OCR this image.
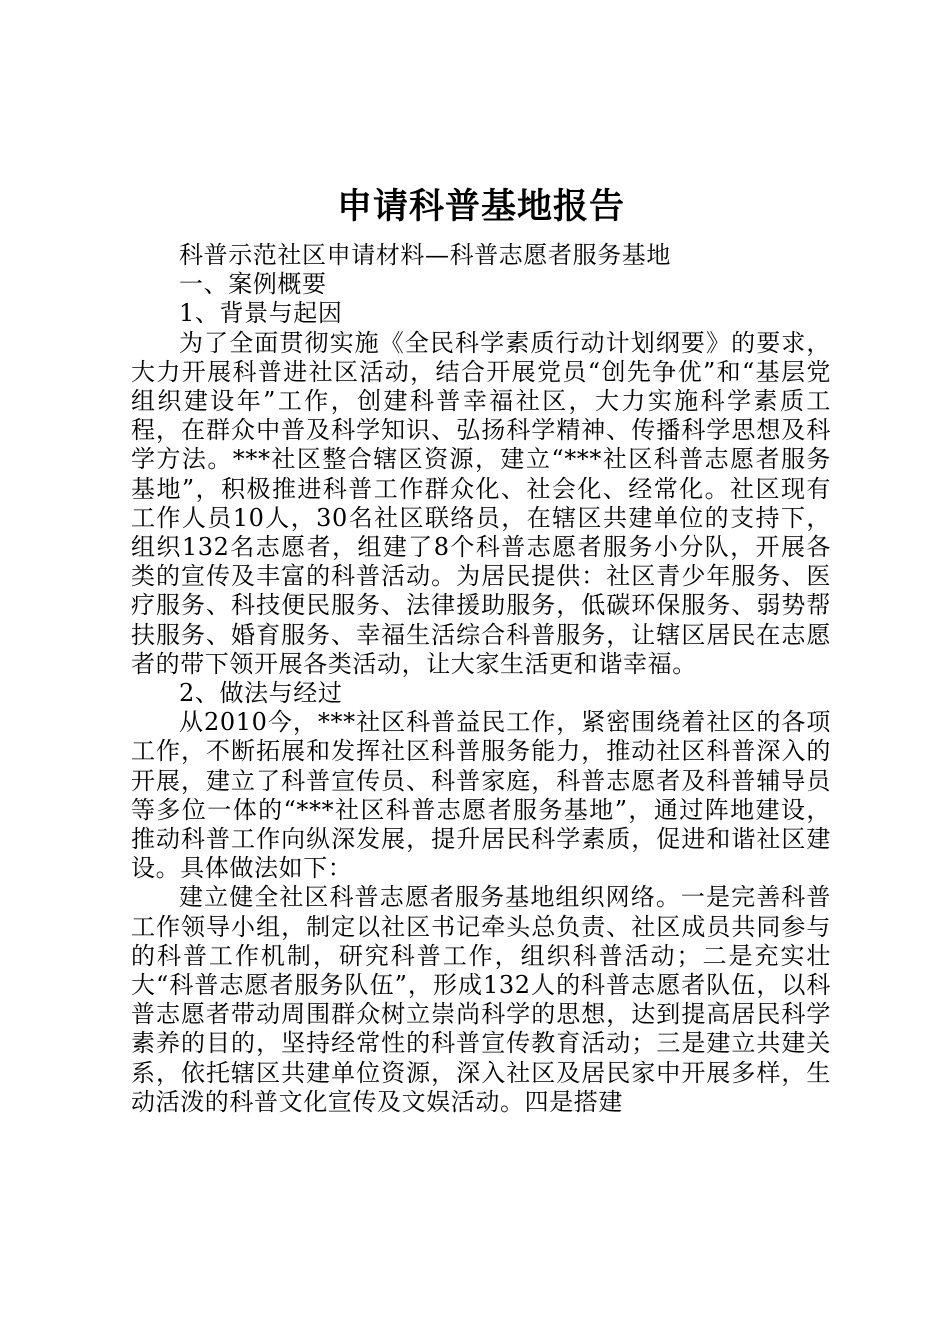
申请科普基地报告

科普示范社区申请材料—科普志愿者服务基地

一、案例概要

1、背景与起因

为了全面贯彻实施《全民科学素质行动计划纲要》的要求，大力开展科普进社区活动，结合开展党员“创先争优”和“基层党组织建设年”工作，创建科普幸福社区，大力实施科学素质工程，在群众中普及科学知识、弘扬科学精神、传播科学思想及科学方法。***社区整合辖区资源，建立“***社区科普志愿者服务基地”，积极推进科普工作群众化、社会化、经常化。社区现有工作人员10人，30名社区联络员，在辖区共建单位的支持下，组织132名志愿者，组建了8个科普志愿者服务小分队，开展各类的宣传及丰富的科普活动。为居民提供：社区青少年服务、医疗服务、科技便民服务、法律援助服务，低碳环保服务、弱势帮扶服务、婚育服务、幸福生活综合科普服务，让辖区居民在志愿者的带下领开展各类活动，让大家生活更和谐幸福。

2、做法与经过

从2010今，***社区科普益民工作，紧密围绕着社区的各项工作，不断拓展和发挥社区科普服务能力，推动社区科普深入的开展，建立了科普宣传员、科普家庭，科普志愿者及科普辅导员等多位一体的“***社区科普志愿者服务基地”，通过阵地建设，推动科普工作向纵深发展，提升居民科学素质，促进和谐社区建设。具体做法如下：

建立健全社区科普志愿者服务基地组织网络。一是完善科普工作领导小组，制定以社区书记牵头总负责、社区成员共同参与的科普工作机制，研究科普工作，组织科普活动；二是充实壮大“科普志愿者服务队伍”，形成132人的科普志愿者队伍，以科普志愿者带动周围群众树立崇尚科学的思想，达到提高居民科学素养的目的，坚持经常性的科普宣传教育活动；三是建立共建关系，依托辖区共建单位资源，深入社区及居民家中开展多样，生动活泼的科普文化宣传及文娱活动。四是搭建
